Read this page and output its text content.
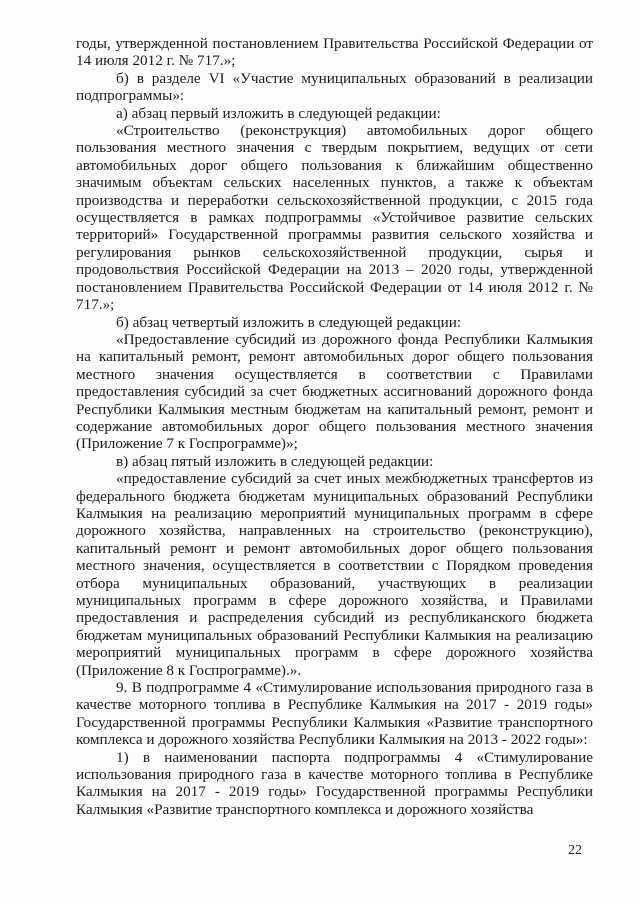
годы, утвержденной постановлением Правительства Российской Федерации от 14 июля 2012 г. № 717.»;

б) в разделе VI «Участие муниципальных образований в реализации подпрограммы»:

а) абзац первый изложить в следующей редакции:

«Строительство (реконструкция) автомобильных дорог общего пользования местного значения с твердым покрытием, ведущих от сети автомобильных дорог общего пользования к ближайшим общественно значимым объектам сельских населенных пунктов, а также к объектам производства и переработки сельскохозяйственной продукции, с 2015 года осуществляется в рамках подпрограммы «Устойчивое развитие сельских территорий» Государственной программы развития сельского хозяйства и регулирования рынков сельскохозяйственной продукции, сырья и продовольствия Российской Федерации на 2013 – 2020 годы, утвержденной постановлением Правительства Российской Федерации от 14 июля 2012 г. № 717.»;

б) абзац четвертый изложить в следующей редакции:

«Предоставление субсидий из дорожного фонда Республики Калмыкия на капитальный ремонт, ремонт автомобильных дорог общего пользования местного значения осуществляется в соответствии с Правилами предоставления субсидий за счет бюджетных ассигнований дорожного фонда Республики Калмыкия местным бюджетам на капитальный ремонт, ремонт и содержание автомобильных дорог общего пользования местного значения (Приложение 7 к Госпрограмме)»;

в) абзац пятый изложить в следующей редакции:

«предоставление субсидий за счет иных межбюджетных трансфертов из федерального бюджета бюджетам муниципальных образований Республики Калмыкия на реализацию мероприятий муниципальных программ в сфере дорожного хозяйства, направленных на строительство (реконструкцию), капитальный ремонт и ремонт автомобильных дорог общего пользования местного значения, осуществляется в соответствии с Порядком проведения отбора муниципальных образований, участвующих в реализации муниципальных программ в сфере дорожного хозяйства, и Правилами предоставления и распределения субсидий из республиканского бюджета бюджетам муниципальных образований Республики Калмыкия на реализацию мероприятий муниципальных программ в сфере дорожного хозяйства (Приложение 8 к Госпрограмме).».

9. В подпрограмме 4 «Стимулирование использования природного газа в качестве моторного топлива в Республике Калмыкия на 2017 - 2019 годы» Государственной программы Республики Калмыкия «Развитие транспортного комплекса и дорожного хозяйства Республики Калмыкия на 2013 - 2022 годы»:

1) в наименовании паспорта подпрограммы 4 «Стимулирование использования природного газа в качестве моторного топлива в Республике Калмыкия на 2017 - 2019 годы» Государственной программы Республики Калмыкия «Развитие транспортного комплекса и дорожного хозяйства

22
